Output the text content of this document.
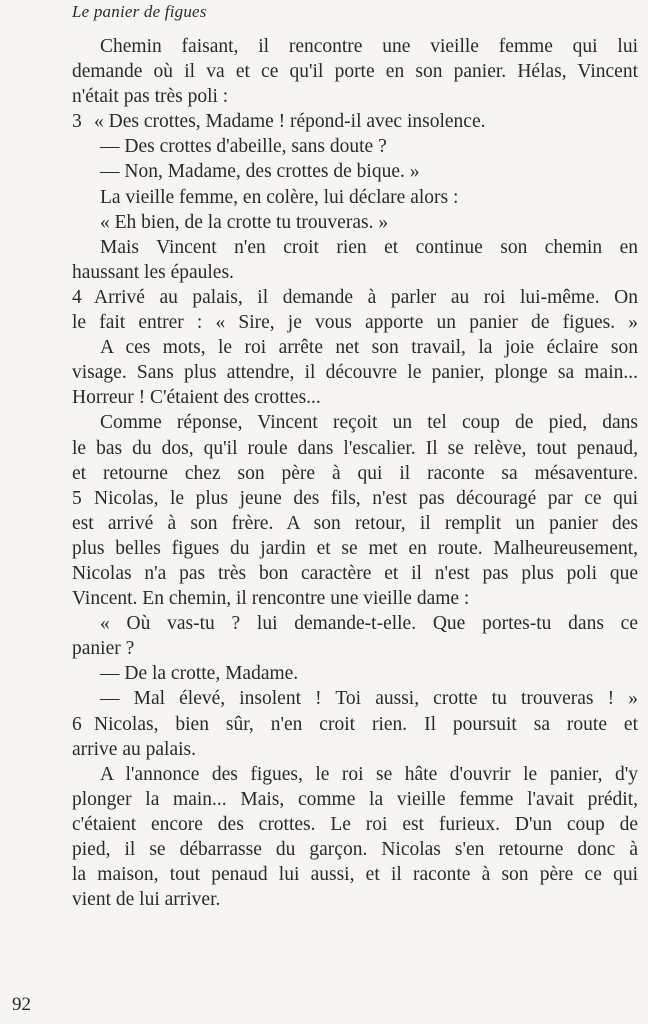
Le panier de figues
Chemin faisant, il rencontre une vieille femme qui lui
demande où il va et ce qu'il porte en son panier. Hélas, Vincent
n'était pas très poli :
3 « Des crottes, Madame ! répond-il avec insolence.
— Des crottes d'abeille, sans doute ?
— Non, Madame, des crottes de bique. »
La vieille femme, en colère, lui déclare alors :
« Eh bien, de la crotte tu trouveras. »
Mais Vincent n'en croit rien et continue son chemin en
haussant les épaules.
4 Arrivé au palais, il demande à parler au roi lui-même. On
le fait entrer : « Sire, je vous apporte un panier de figues. »
A ces mots, le roi arrête net son travail, la joie éclaire son
visage. Sans plus attendre, il découvre le panier, plonge sa main...
Horreur ! C'étaient des crottes...
Comme réponse, Vincent reçoit un tel coup de pied, dans
le bas du dos, qu'il roule dans l'escalier. Il se relève, tout penaud,
et retourne chez son père à qui il raconte sa mésaventure.
5 Nicolas, le plus jeune des fils, n'est pas découragé par ce qui
est arrivé à son frère. A son retour, il remplit un panier des
plus belles figues du jardin et se met en route. Malheureusement,
Nicolas n'a pas très bon caractère et il n'est pas plus poli que
Vincent. En chemin, il rencontre une vieille dame :
« Où vas-tu ? lui demande-t-elle. Que portes-tu dans ce
panier ?
— De la crotte, Madame.
— Mal élevé, insolent ! Toi aussi, crotte tu trouveras ! »
6 Nicolas, bien sûr, n'en croit rien. Il poursuit sa route et
arrive au palais.
A l'annonce des figues, le roi se hâte d'ouvrir le panier, d'y
plonger la main... Mais, comme la vieille femme l'avait prédit,
c'étaient encore des crottes. Le roi est furieux. D'un coup de
pied, il se débarrasse du garçon. Nicolas s'en retourne donc à
la maison, tout penaud lui aussi, et il raconte à son père ce qui
vient de lui arriver.
92
